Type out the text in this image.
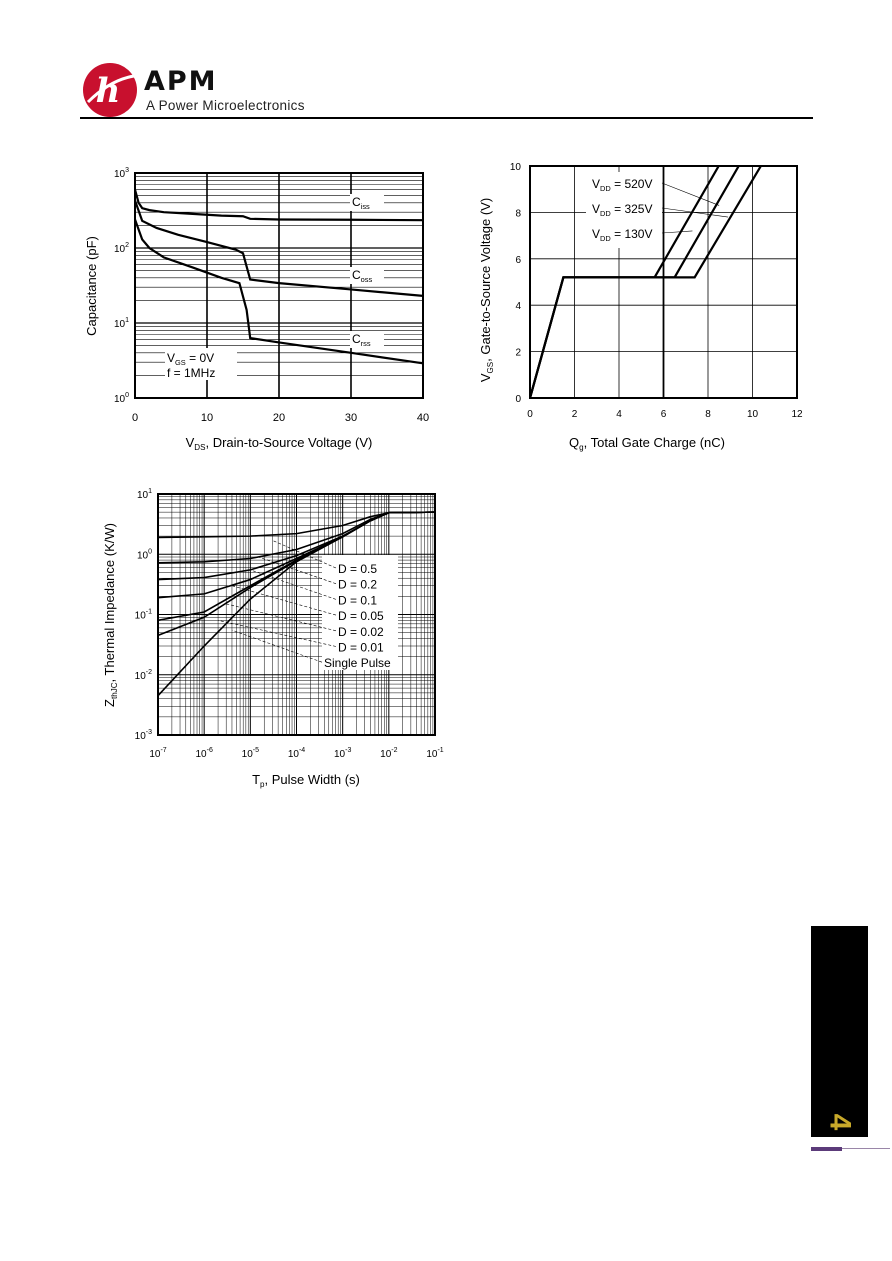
h APM
A Power Microelectronics
$10^0$
$10^1$
$10^2$
$10^3$
0	10	20	30	40
$C_{iss}$
$C_{oss}$
$C_{rss}$
$V_{GS} = 0V$
f = 1MHz
$V_{DS}$, Drain-to-Source Voltage (V)
Capacitance (pF)
0	2	4	6	8	10	12
0
2
4
6
8
10
$V_{DD} = 520V$
$V_{DD} = 325V$
$V_{DD} = 130V$
$Q_g$, Total Gate Charge (nC)
$V_{GS}$, Gate-to-Source Voltage (V)
$10^{-7}$	$10^{-6}$	$10^{-5}$	$10^{-4}$	$10^{-3}$	$10^{-2}$	$10^{-1}$
$10^{-3}$
$10^{-2}$
$10^{-1}$
$10^0$
$10^1$
D = 0.5
D = 0.2
D = 0.1
D = 0.05
D = 0.02
D = 0.01
Single Pulse
$T_p$, Pulse Width (s)
$Z_{thJC}$, Thermal Impedance (K/W)
4
